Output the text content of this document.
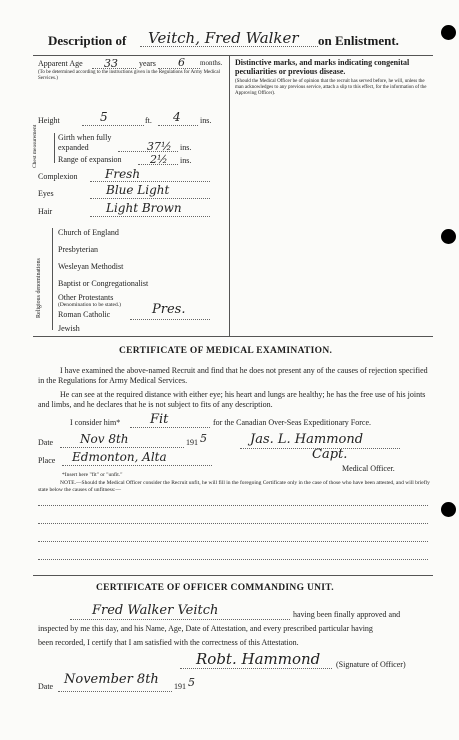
Description of Veitch, Fred Walker on Enlistment.
Apparent Age 33	years 6 months.
(To be determined according to the instructions given in the Regulations for Army Medical Services.)
Distinctive marks, and marks indicating congenital peculiarities or previous disease.
(Should the Medical Officer be of opinion that the recruit has served before, he will, unless the man acknowledges to any previous service, attach a slip to this effect, for the information of the Approving Officer).
Height	5	ft. 4 ins.
Chest measurement	Girth when fully expanded	37½ ins.
Range of expansion	2½ ins.
Complexion Fresh
Eyes	Blue Light
Hair	Light Brown
Religious denominations
Church of England
Presbyterian
Wesleyan Methodist
Baptist or Congregationalist
Other Protestants
(Denomination to be stated.)
Roman Catholic	Pres.
Jewish
CERTIFICATE OF MEDICAL EXAMINATION.
I have examined the above-named Recruit and find that he does not present any of the causes of rejection specified in the Regulations for Army Medical Services.
He can see at the required distance with either eye; his heart and lungs are healthy; he has the free use of his joints and limbs, and he declares that he is not subject to fits of any description.
I consider him* Fit	for the Canadian Over-Seas Expeditionary Force.
Date Nov 8th	191 5	Jas. L. Hammond
Place Edmonton, Alta	Capt.
Medical Officer.
*Insert here "fit" or "unfit."
NOTE.—Should the Medical Officer consider the Recruit unfit, he will fill in the foregoing Certificate only in the case of those who have been attested, and will briefly state below the causes of unfitness:—
CERTIFICATE OF OFFICER COMMANDING UNIT.
Fred Walker Veitch	having been finally approved and
inspected by me this day, and his Name, Age, Date of Attestation, and every prescribed particular having
been recorded, I certify that I am satisfied with the correctness of this Attestation.
Robt. Hammond (Signature of Officer)
Date November 8th 191 5
